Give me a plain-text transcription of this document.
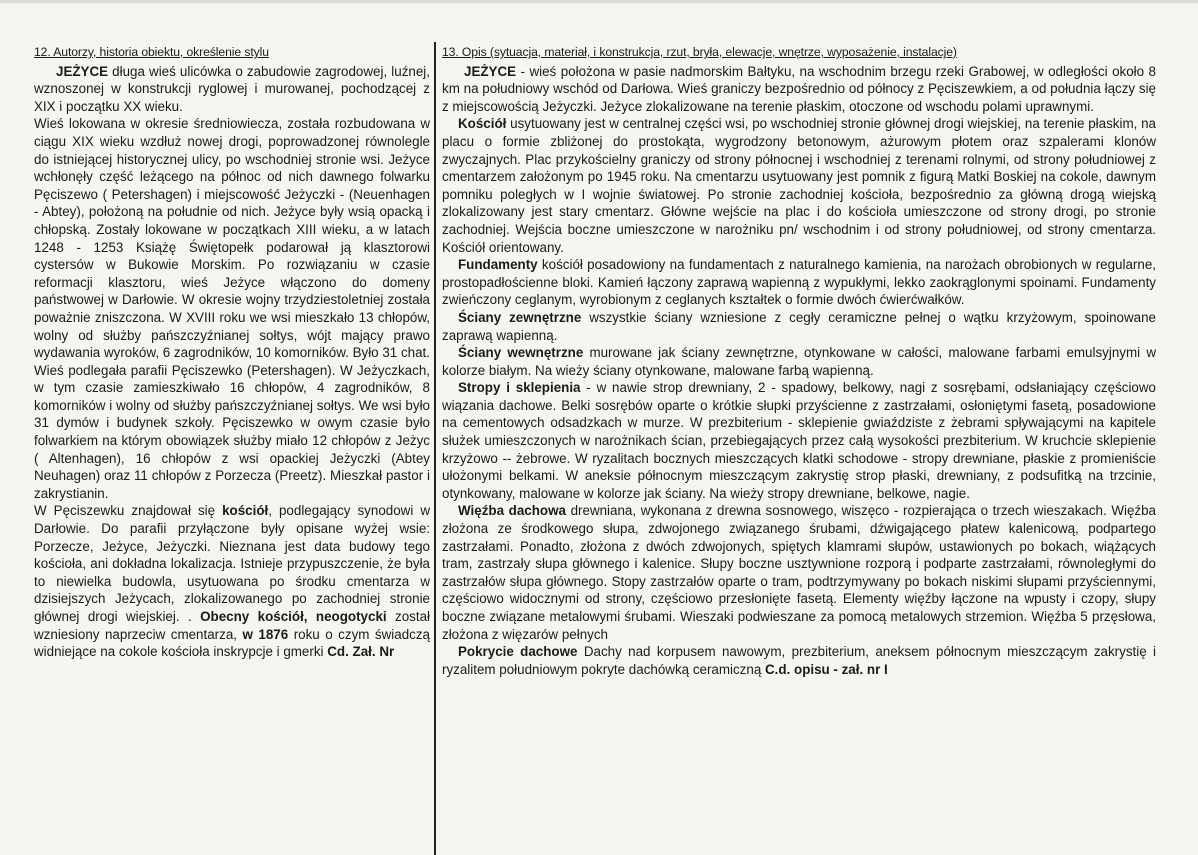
12. Autorzy, historia obiektu, określenie stylu

JEŻYCE długa wieś ulicówka o zabudowie zagrodowej, luźnej, wznoszonej w konstrukcji ryglowej i murowanej, pochodzącej z XIX i początku XX wieku.

Wieś lokowana w okresie średniowiecza, została rozbudowana w ciągu XIX wieku wzdłuż nowej drogi, poprowadzonej równolegle do istniejącej historycznej ulicy, po wschodniej stronie wsi. Jeżyce wchłonęły część leżącego na północ od nich dawnego folwarku Pęciszewo ( Petershagen) i miejscowość Jeżyczki - (Neuenhagen - Abtey), położoną na południe od nich. Jeżyce były wsią opacką i chłopską. Zostały lokowane w początkach XIII wieku, a w latach 1248 - 1253 Książę Świętopełk podarował ją klasztorowi cystersów w Bukowie Morskim. Po rozwiązaniu w czasie reformacji klasztoru, wieś Jeżyce włączono do domeny państwowej w Darłowie. W okresie wojny trzydziestoletniej została poważnie zniszczona. W XVIII roku we wsi mieszkało 13 chłopów, wolny od służby pańszczyźnianej sołtys, wójt mający prawo wydawania wyroków, 6 zagrodników, 10 komorników. Było 31 chat. Wieś podlegała parafii Pęciszewko (Petershagen). W Jeżyczkach, w tym czasie zamieszkiwało 16 chłopów, 4 zagrodników, 8 komorników i wolny od służby pańszczyźnianej sołtys. We wsi było 31 dymów i budynek szkoły. Pęciszewko w owym czasie było folwarkiem na którym obowiązek służby miało 12 chłopów z Jeżyc ( Altenhagen), 16 chłopów z wsi opackiej Jeżyczki (Abtey Neuhagen) oraz 11 chłopów z Porzecza (Preetz). Mieszkał pastor i zakrystianin.

W Pęciszewku znajdował się kościół, podlegający synodowi w Darłowie. Do parafii przyłączone były opisane wyżej wsie: Porzecze, Jeżyce, Jeżyczki. Nieznana jest data budowy tego kościoła, ani dokładna lokalizacja. Istnieje przypuszczenie, że była to niewielka budowla, usytuowana po środku cmentarza w dzisiejszych Jeżycach, zlokalizowanego po zachodniej stronie głównej drogi wiejskiej. . Obecny kościół, neogotycki został wzniesiony naprzeciw cmentarza, w 1876 roku o czym świadczą widniejące na cokole kościoła inskrypcje i gmerki Cd. Zał. Nr

13. Opis (sytuacja, materiał, i konstrukcja, rzut, bryła, elewacje, wnętrze, wyposażenie, instalacje)

JEŻYCE - wieś położona w pasie nadmorskim Bałtyku, na wschodnim brzegu rzeki Grabowej, w odległości około 8 km na południowy wschód od Darłowa. Wieś graniczy bezpośrednio od północy z Pęciszewkiem, a od południa łączy się z miejscowością Jeżyczki. Jeżyce zlokalizowane na terenie płaskim, otoczone od wschodu polami uprawnymi.

Kościół usytuowany jest w centralnej części wsi, po wschodniej stronie głównej drogi wiejskiej, na terenie płaskim, na placu o formie zbliżonej do prostokąta, wygrodzony betonowym, ażurowym płotem oraz szpalerami klonów zwyczajnych. Plac przykościelny graniczy od strony północnej i wschodniej z terenami rolnymi, od strony południowej z cmentarzem założonym po 1945 roku. Na cmentarzu usytuowany jest pomnik z figurą Matki Boskiej na cokole, dawnym pomniku poległych w I wojnie światowej. Po stronie zachodniej kościoła, bezpośrednio za główną drogą wiejską zlokalizowany jest stary cmentarz. Główne wejście na plac i do kościoła umieszczone od strony drogi, po stronie zachodniej. Wejścia boczne umieszczone w narożniku pn/ wschodnim i od strony południowej, od strony cmentarza. Kościół orientowany.

Fundamenty kościół posadowiony na fundamentach z naturalnego kamienia, na narożach obrobionych w regularne, prostopadłościenne bloki. Kamień łączony zaprawą wapienną z wypukłymi, lekko zaokrąglonymi spoinami. Fundamenty zwieńczony ceglanym, wyrobionym z ceglanych kształtek o formie dwóch ćwierćwałków.

Ściany zewnętrzne wszystkie ściany wzniesione z cegły ceramiczne pełnej o wątku krzyżowym, spoinowane zaprawą wapienną.

Ściany wewnętrzne murowane jak ściany zewnętrzne, otynkowane w całości, malowane farbami emulsyjnymi w kolorze białym. Na wieży ściany otynkowane, malowane farbą wapienną.

Stropy i sklepienia - w nawie strop drewniany, 2 - spadowy, belkowy, nagi z sosrębami, odsłaniający częściowo wiązania dachowe. Belki sosrębów oparte o krótkie słupki przyścienne z zastrzałami, osłoniętymi fasetą, posadowione na cementowych odsadzkach w murze. W prezbiterium - sklepienie gwiaździste z żebrami spływającymi na kapitele służek umieszczonych w narożnikach ścian, przebiegających przez całą wysokości prezbiterium. W kruchcie sklepienie krzyżowo -- żebrowe. W ryzalitach bocznych mieszczących klatki schodowe - stropy drewniane, płaskie z promieniście ułożonymi belkami. W aneksie północnym mieszczącym zakrystię strop płaski, drewniany, z podsufitką na trzcinie, otynkowany, malowane w kolorze jak ściany. Na wieży stropy drewniane, belkowe, nagie.

Więźba dachowa drewniana, wykonana z drewna sosnowego, wiszęco - rozpierająca o trzech wieszakach. Więźba złożona ze środkowego słupa, zdwojonego związanego śrubami, dźwigającego płatew kalenicową, podpartego zastrzałami. Ponadto, złożona z dwóch zdwojonych, spiętych klamrami słupów, ustawionych po bokach, wiążących tram, zastrzały słupa głównego i kalenice. Słupy boczne usztywnione rozporą i podparte zastrzałami, równoległymi do zastrzałów słupa głównego. Stopy zastrzałów oparte o tram, podtrzymywany po bokach niskimi słupami przyściennymi, częściowo widocznymi od strony, częściowo przesłonięte fasetą. Elementy więźby łączone na wpusty i czopy, słupy boczne związane metalowymi śrubami. Wieszaki podwieszane za pomocą metalowych strzemion. Więźba 5 przęsłowa, złożona z więzarów pełnych

Pokrycie dachowe Dachy nad korpusem nawowym, prezbiterium, aneksem północnym mieszczącym zakrystię i ryzalitem południowym pokryte dachówką ceramiczną C.d. opisu - zał. nr I
